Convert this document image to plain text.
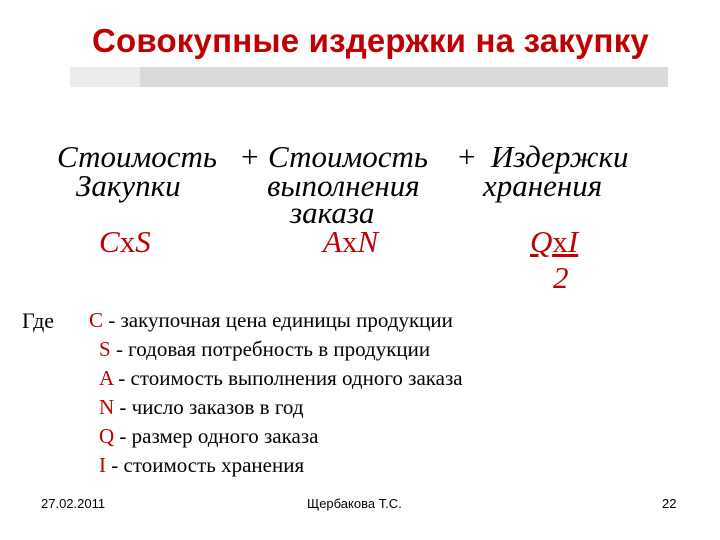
Совокупные издержки на закупку
Стоимость + Стоимость + Издержки
Закупки	выполнения хранения
заказа
CxS	AxN	QxI
2
Где C - закупочная цена единицы продукции
S - годовая потребность в продукции
A - стоимость выполнения одного заказа
N - число заказов в год
Q - размер одного заказа
I - стоимость хранения
27.02.2011	Щербакова Т.С.	22
